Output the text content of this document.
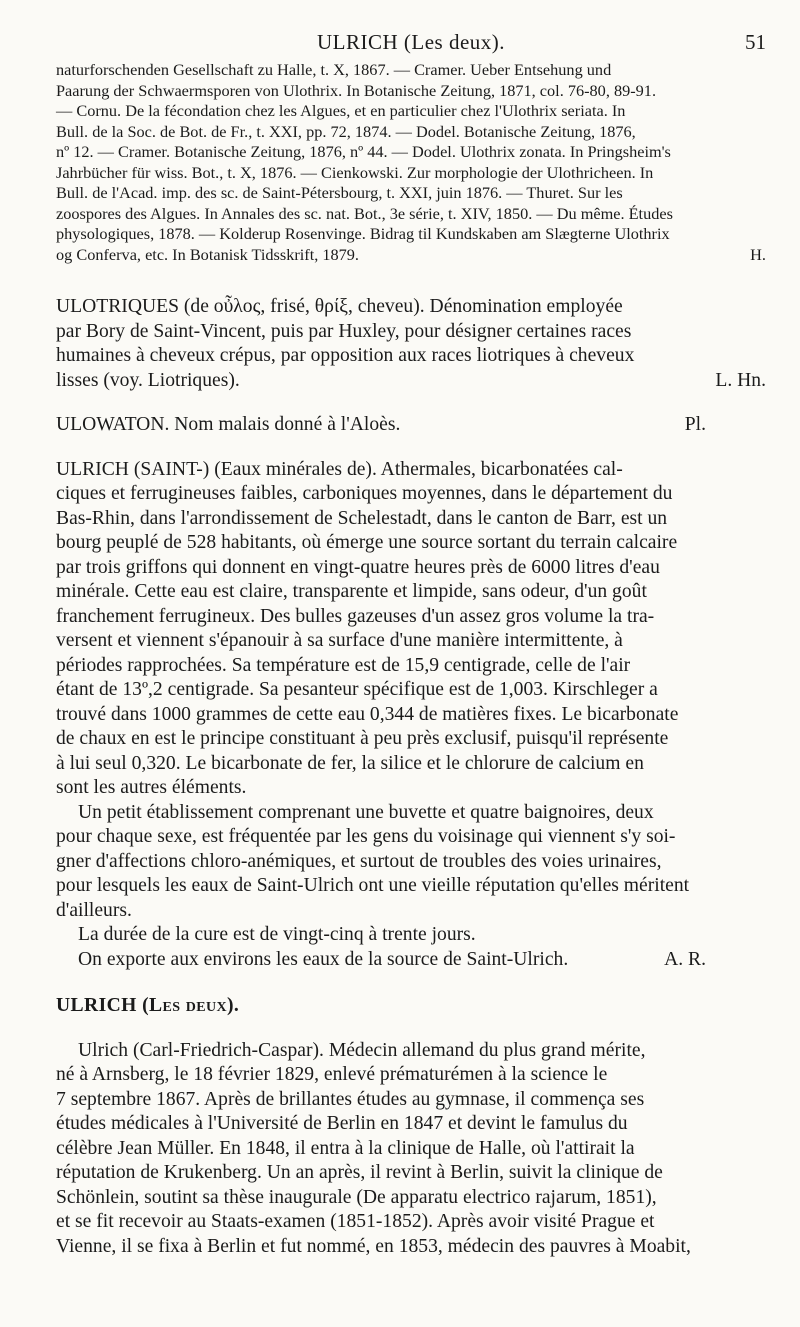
ULRICH (Les deux).	51
naturforschenden Gesellschaft zu Halle, t. X, 1867. — Cramer. Ueber Entsehung und
Paarung der Schwaermsporen von Ulothrix. In Botanische Zeitung, 1871, col. 76-80, 89-91.
— Cornu. De la fécondation chez les Algues, et en particulier chez l'Ulothrix seriata. In
Bull. de la Soc. de Bot. de Fr., t. XXI, pp. 72, 1874. — Dodel. Botanische Zeitung, 1876,
nº 12. — Cramer. Botanische Zeitung, 1876, nº 44. — Dodel. Ulothrix zonata. In Pringsheim's
Jahrbücher für wiss. Bot., t. X, 1876. — Cienkowski. Zur morphologie der Ulothricheen. In
Bull. de l'Acad. imp. des sc. de Saint-Pétersbourg, t. XXI, juin 1876. — Thuret. Sur les
zoospores des Algues. In Annales des sc. nat. Bot., 3e série, t. XIV, 1850. — Du même. Études
physologiques, 1878. — Kolderup Rosenvinge. Bidrag til Kundskaben am Slægterne Ulothrix
og Conferva, etc. In Botanisk Tidsskrift, 1879.	H.
ULOTRIQUES (de οὖλος, frisé, θρίξ, cheveu). Dénomination employée
par Bory de Saint-Vincent, puis par Huxley, pour désigner certaines races
humaines à cheveux crépus, par opposition aux races liotriques à cheveux
lisses (voy. Liotriques).	L. Hn.
ULOWATON. Nom malais donné à l'Aloès.	Pl.
ULRICH (SAINT-) (Eaux minérales de). Athermales, bicarbonatées cal-
ciques et ferrugineuses faibles, carboniques moyennes, dans le département du
Bas-Rhin, dans l'arrondissement de Schelestadt, dans le canton de Barr, est un
bourg peuplé de 528 habitants, où émerge une source sortant du terrain calcaire
par trois griffons qui donnent en vingt-quatre heures près de 6000 litres d'eau
minérale. Cette eau est claire, transparente et limpide, sans odeur, d'un goût
franchement ferrugineux. Des bulles gazeuses d'un assez gros volume la tra-
versent et viennent s'épanouir à sa surface d'une manière intermittente, à
périodes rapprochées. Sa température est de 15,9 centigrade, celle de l'air
étant de 13º,2 centigrade. Sa pesanteur spécifique est de 1,003. Kirschleger a
trouvé dans 1000 grammes de cette eau 0,344 de matières fixes. Le bicarbonate
de chaux en est le principe constituant à peu près exclusif, puisqu'il représente
à lui seul 0,320. Le bicarbonate de fer, la silice et le chlorure de calcium en
sont les autres éléments.
Un petit établissement comprenant une buvette et quatre baignoires, deux
pour chaque sexe, est fréquentée par les gens du voisinage qui viennent s'y soi-
gner d'affections chloro-anémiques, et surtout de troubles des voies urinaires,
pour lesquels les eaux de Saint-Ulrich ont une vieille réputation qu'elles méritent
d'ailleurs.
La durée de la cure est de vingt-cinq à trente jours.
On exporte aux environs les eaux de la source de Saint-Ulrich.	A. R.
ULRICH (Les deux).
Ulrich (Carl-Friedrich-Caspar). Médecin allemand du plus grand mérite,
né à Arnsberg, le 18 février 1829, enlevé prématurémen à la science le
7 septembre 1867. Après de brillantes études au gymnase, il commença ses
études médicales à l'Université de Berlin en 1847 et devint le famulus du
célèbre Jean Müller. En 1848, il entra à la clinique de Halle, où l'attirait la
réputation de Krukenberg. Un an après, il revint à Berlin, suivit la clinique de
Schönlein, soutint sa thèse inaugurale (De apparatu electrico rajarum, 1851),
et se fit recevoir au Staats-examen (1851-1852). Après avoir visité Prague et
Vienne, il se fixa à Berlin et fut nommé, en 1853, médecin des pauvres à Moabit,
